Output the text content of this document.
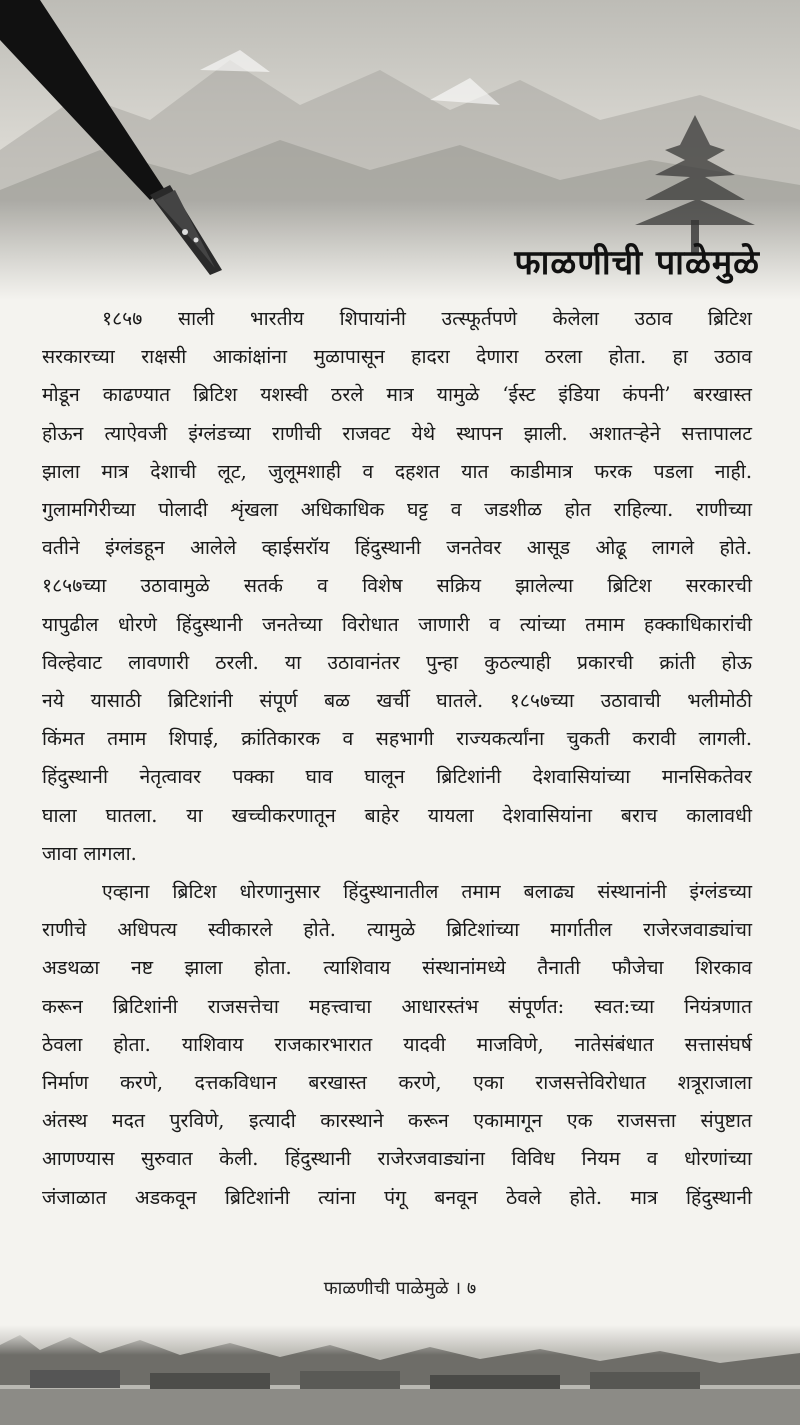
फाळणीची पाळेमुळे

१८५७ साली भारतीय शिपायांनी उत्स्फूर्तपणे केलेला उठाव ब्रिटिश
सरकारच्या राक्षसी आकांक्षांना मुळापासून हादरा देणारा ठरला होता. हा उठाव
मोडून काढण्यात ब्रिटिश यशस्वी ठरले मात्र यामुळे ‘ईस्ट इंडिया कंपनी’ बरखास्त
होऊन त्याऐवजी इंग्लंडच्या राणीची राजवट येथे स्थापन झाली. अशातऱ्हेने सत्तापालट
झाला मात्र देशाची लूट, जुलूमशाही व दहशत यात काडीमात्र फरक पडला नाही.
गुलामगिरीच्या पोलादी शृंखला अधिकाधिक घट्ट व जडशीळ होत राहिल्या. राणीच्या
वतीने इंग्लंडहून आलेले व्हाईसरॉय हिंदुस्थानी जनतेवर आसूड ओढू लागले होते.
१८५७च्या उठावामुळे सतर्क व विशेष सक्रिय झालेल्या ब्रिटिश सरकारची
यापुढील धोरणे हिंदुस्थानी जनतेच्या विरोधात जाणारी व त्यांच्या तमाम हक्काधिकारांची
विल्हेवाट लावणारी ठरली. या उठावानंतर पुन्हा कुठल्याही प्रकारची क्रांती होऊ
नये यासाठी ब्रिटिशांनी संपूर्ण बळ खर्ची घातले. १८५७च्या उठावाची भलीमोठी
किंमत तमाम शिपाई, क्रांतिकारक व सहभागी राज्यकर्त्यांना चुकती करावी लागली.
हिंदुस्थानी नेतृत्वावर पक्का घाव घालून ब्रिटिशांनी देशवासियांच्या मानसिकतेवर
घाला घातला. या खच्चीकरणातून बाहेर यायला देशवासियांना बराच कालावधी
जावा लागला.

एव्हाना ब्रिटिश धोरणानुसार हिंदुस्थानातील तमाम बलाढ्य संस्थानांनी इंग्लंडच्या
राणीचे अधिपत्य स्वीकारले होते. त्यामुळे ब्रिटिशांच्या मार्गातील राजेरजवाड्यांचा
अडथळा नष्ट झाला होता. त्याशिवाय संस्थानांमध्ये तैनाती फौजेचा शिरकाव
करून ब्रिटिशांनी राजसत्तेचा महत्त्वाचा आधारस्तंभ संपूर्णत: स्वत:च्या नियंत्रणात
ठेवला होता. याशिवाय राजकारभारात यादवी माजविणे, नातेसंबंधात सत्तासंघर्ष
निर्माण करणे, दत्तकविधान बरखास्त करणे, एका राजसत्तेविरोधात शत्रूराजाला
अंतस्थ मदत पुरविणे, इत्यादी कारस्थाने करून एकामागून एक राजसत्ता संपुष्टात
आणण्यास सुरुवात केली. हिंदुस्थानी राजेरजवाड्यांना विविध नियम व धोरणांच्या
जंजाळात अडकवून ब्रिटिशांनी त्यांना पंगू बनवून ठेवले होते. मात्र हिंदुस्थानी

फाळणीची पाळेमुळे । ७
